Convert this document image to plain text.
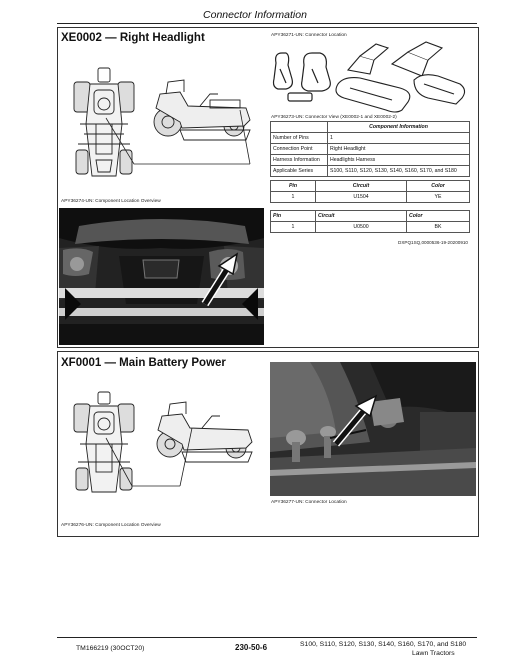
Connector Information
XE0002 — Right Headlight
APY36274-UN: Component Location Overview
APY36271-UN: Connector Location
APY36273-UN: Connector View (XE0002-1 and XE0002-2)
	Component Information
Number of Pins	1
Connection Point	Right Headlight
Harness Information	Headlights Harness
Applicable Series	S100, S110, S120, S130, S140, S160, S170, and S180
Pin	Circuit	Color
1	U1504	YE
Pin	Circuit	Color
1	U0500	BK
DXPQ1SQ,0000536-19-20200910
XF0001 — Main Battery Power
APY36276-UN: Component Location Overview
APY36277-UN: Connector Location
TM166219 (30OCT20)	230-50-6	S100, S110, S120, S130, S140, S160, S170, and S180
Lawn Tractors
